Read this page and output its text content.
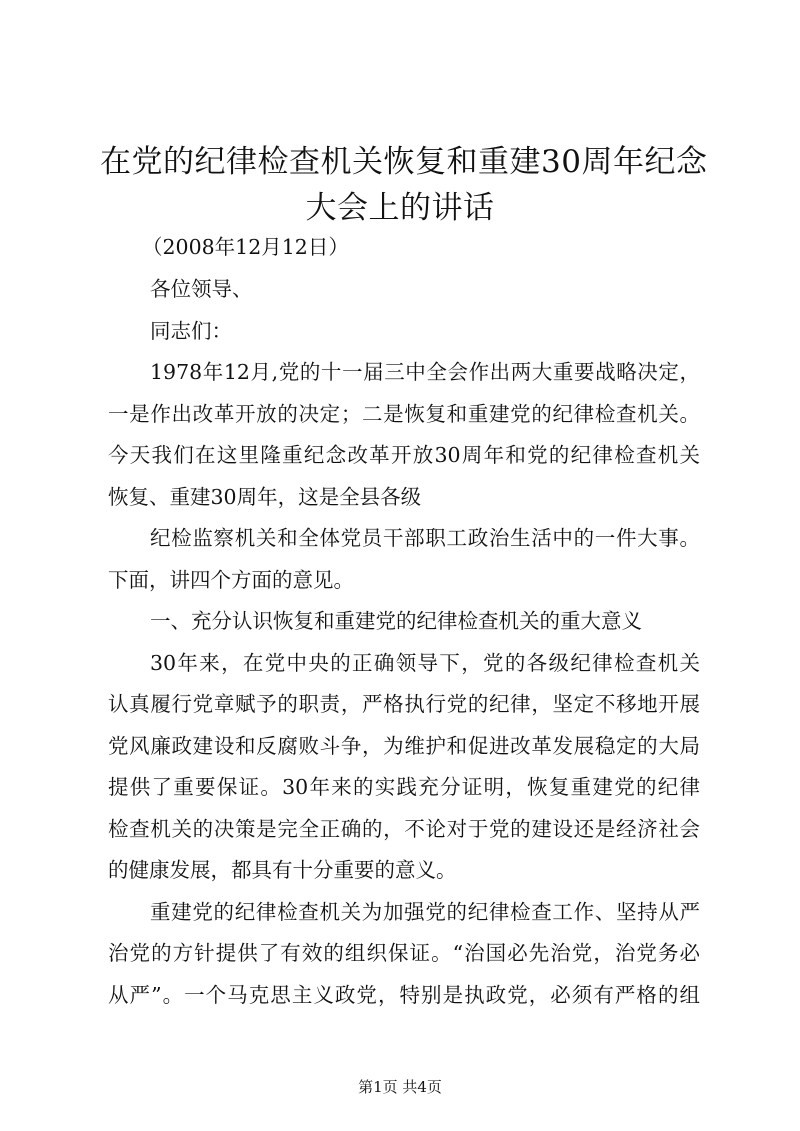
在党的纪律检查机关恢复和重建30周年纪念
大会上的讲话
（2008年12月12日）
各位领导、
同志们：
1978年12月,党的十一届三中全会作出两大重要战略决定，
一是作出改革开放的决定；二是恢复和重建党的纪律检查机关。
今天我们在这里隆重纪念改革开放30周年和党的纪律检查机关
恢复、重建30周年，这是全县各级
纪检监察机关和全体党员干部职工政治生活中的一件大事。
下面，讲四个方面的意见。
一、充分认识恢复和重建党的纪律检查机关的重大意义
30年来，在党中央的正确领导下，党的各级纪律检查机关
认真履行党章赋予的职责，严格执行党的纪律，坚定不移地开展
党风廉政建设和反腐败斗争，为维护和促进改革发展稳定的大局
提供了重要保证。30年来的实践充分证明，恢复重建党的纪律
检查机关的决策是完全正确的，不论对于党的建设还是经济社会
的健康发展，都具有十分重要的意义。
重建党的纪律检查机关为加强党的纪律检查工作、坚持从严
治党的方针提供了有效的组织保证。“治国必先治党，治党务必
从严”。一个马克思主义政党，特别是执政党，必须有严格的组
第1页 共4页
